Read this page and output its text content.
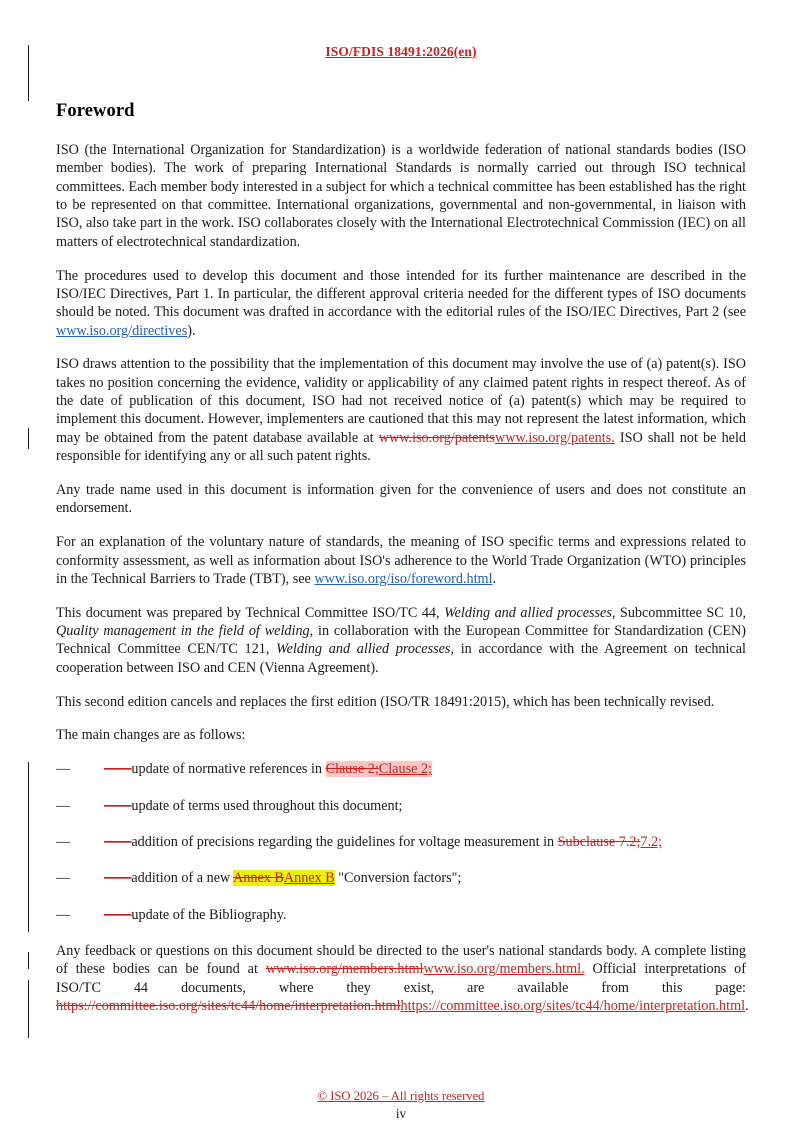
ISO/FDIS 18491:2026(en)
Foreword

ISO (the International Organization for Standardization) is a worldwide federation of national standards bodies (ISO member bodies). The work of preparing International Standards is normally carried out through ISO technical committees. Each member body interested in a subject for which a technical committee has been established has the right to be represented on that committee. International organizations, governmental and non-governmental, in liaison with ISO, also take part in the work. ISO collaborates closely with the International Electrotechnical Commission (IEC) on all matters of electrotechnical standardization.

The procedures used to develop this document and those intended for its further maintenance are described in the ISO/IEC Directives, Part 1. In particular, the different approval criteria needed for the different types of ISO documents should be noted. This document was drafted in accordance with the editorial rules of the ISO/IEC Directives, Part 2 (see www.iso.org/directives).

ISO draws attention to the possibility that the implementation of this document may involve the use of (a) patent(s). ISO takes no position concerning the evidence, validity or applicability of any claimed patent rights in respect thereof. As of the date of publication of this document, ISO had not received notice of (a) patent(s) which may be required to implement this document. However, implementers are cautioned that this may not represent the latest information, which may be obtained from the patent database available at www.iso.org/patentswww.iso.org/patents. ISO shall not be held responsible for identifying any or all such patent rights.

Any trade name used in this document is information given for the convenience of users and does not constitute an endorsement.

For an explanation of the voluntary nature of standards, the meaning of ISO specific terms and expressions related to conformity assessment, as well as information about ISO's adherence to the World Trade Organization (WTO) principles in the Technical Barriers to Trade (TBT), see www.iso.org/iso/foreword.html.

This document was prepared by Technical Committee ISO/TC 44, Welding and allied processes, Subcommittee SC 10, Quality management in the field of welding, in collaboration with the European Committee for Standardization (CEN) Technical Committee CEN/TC 121, Welding and allied processes, in accordance with the Agreement on technical cooperation between ISO and CEN (Vienna Agreement).

This second edition cancels and replaces the first edition (ISO/TR 18491:2015), which has been technically revised.

The main changes are as follows:

— ——update of normative references in Clause 2;Clause 2;
— ——update of terms used throughout this document;
— ——addition of precisions regarding the guidelines for voltage measurement in Subclause 7.2;7.2;
— ——addition of a new Annex BAnnex B "Conversion factors";
— ——update of the Bibliography.

Any feedback or questions on this document should be directed to the user's national standards body. A complete listing of these bodies can be found at www.iso.org/members.htmlwww.iso.org/members.html. Official interpretations of ISO/TC 44 documents, where they exist, are available from this page: https://committee.iso.org/sites/tc44/home/interpretation.htmlhttps://committee.iso.org/sites/tc44/home/interpretation.html.

© ISO 2026 – All rights reserved
iv
